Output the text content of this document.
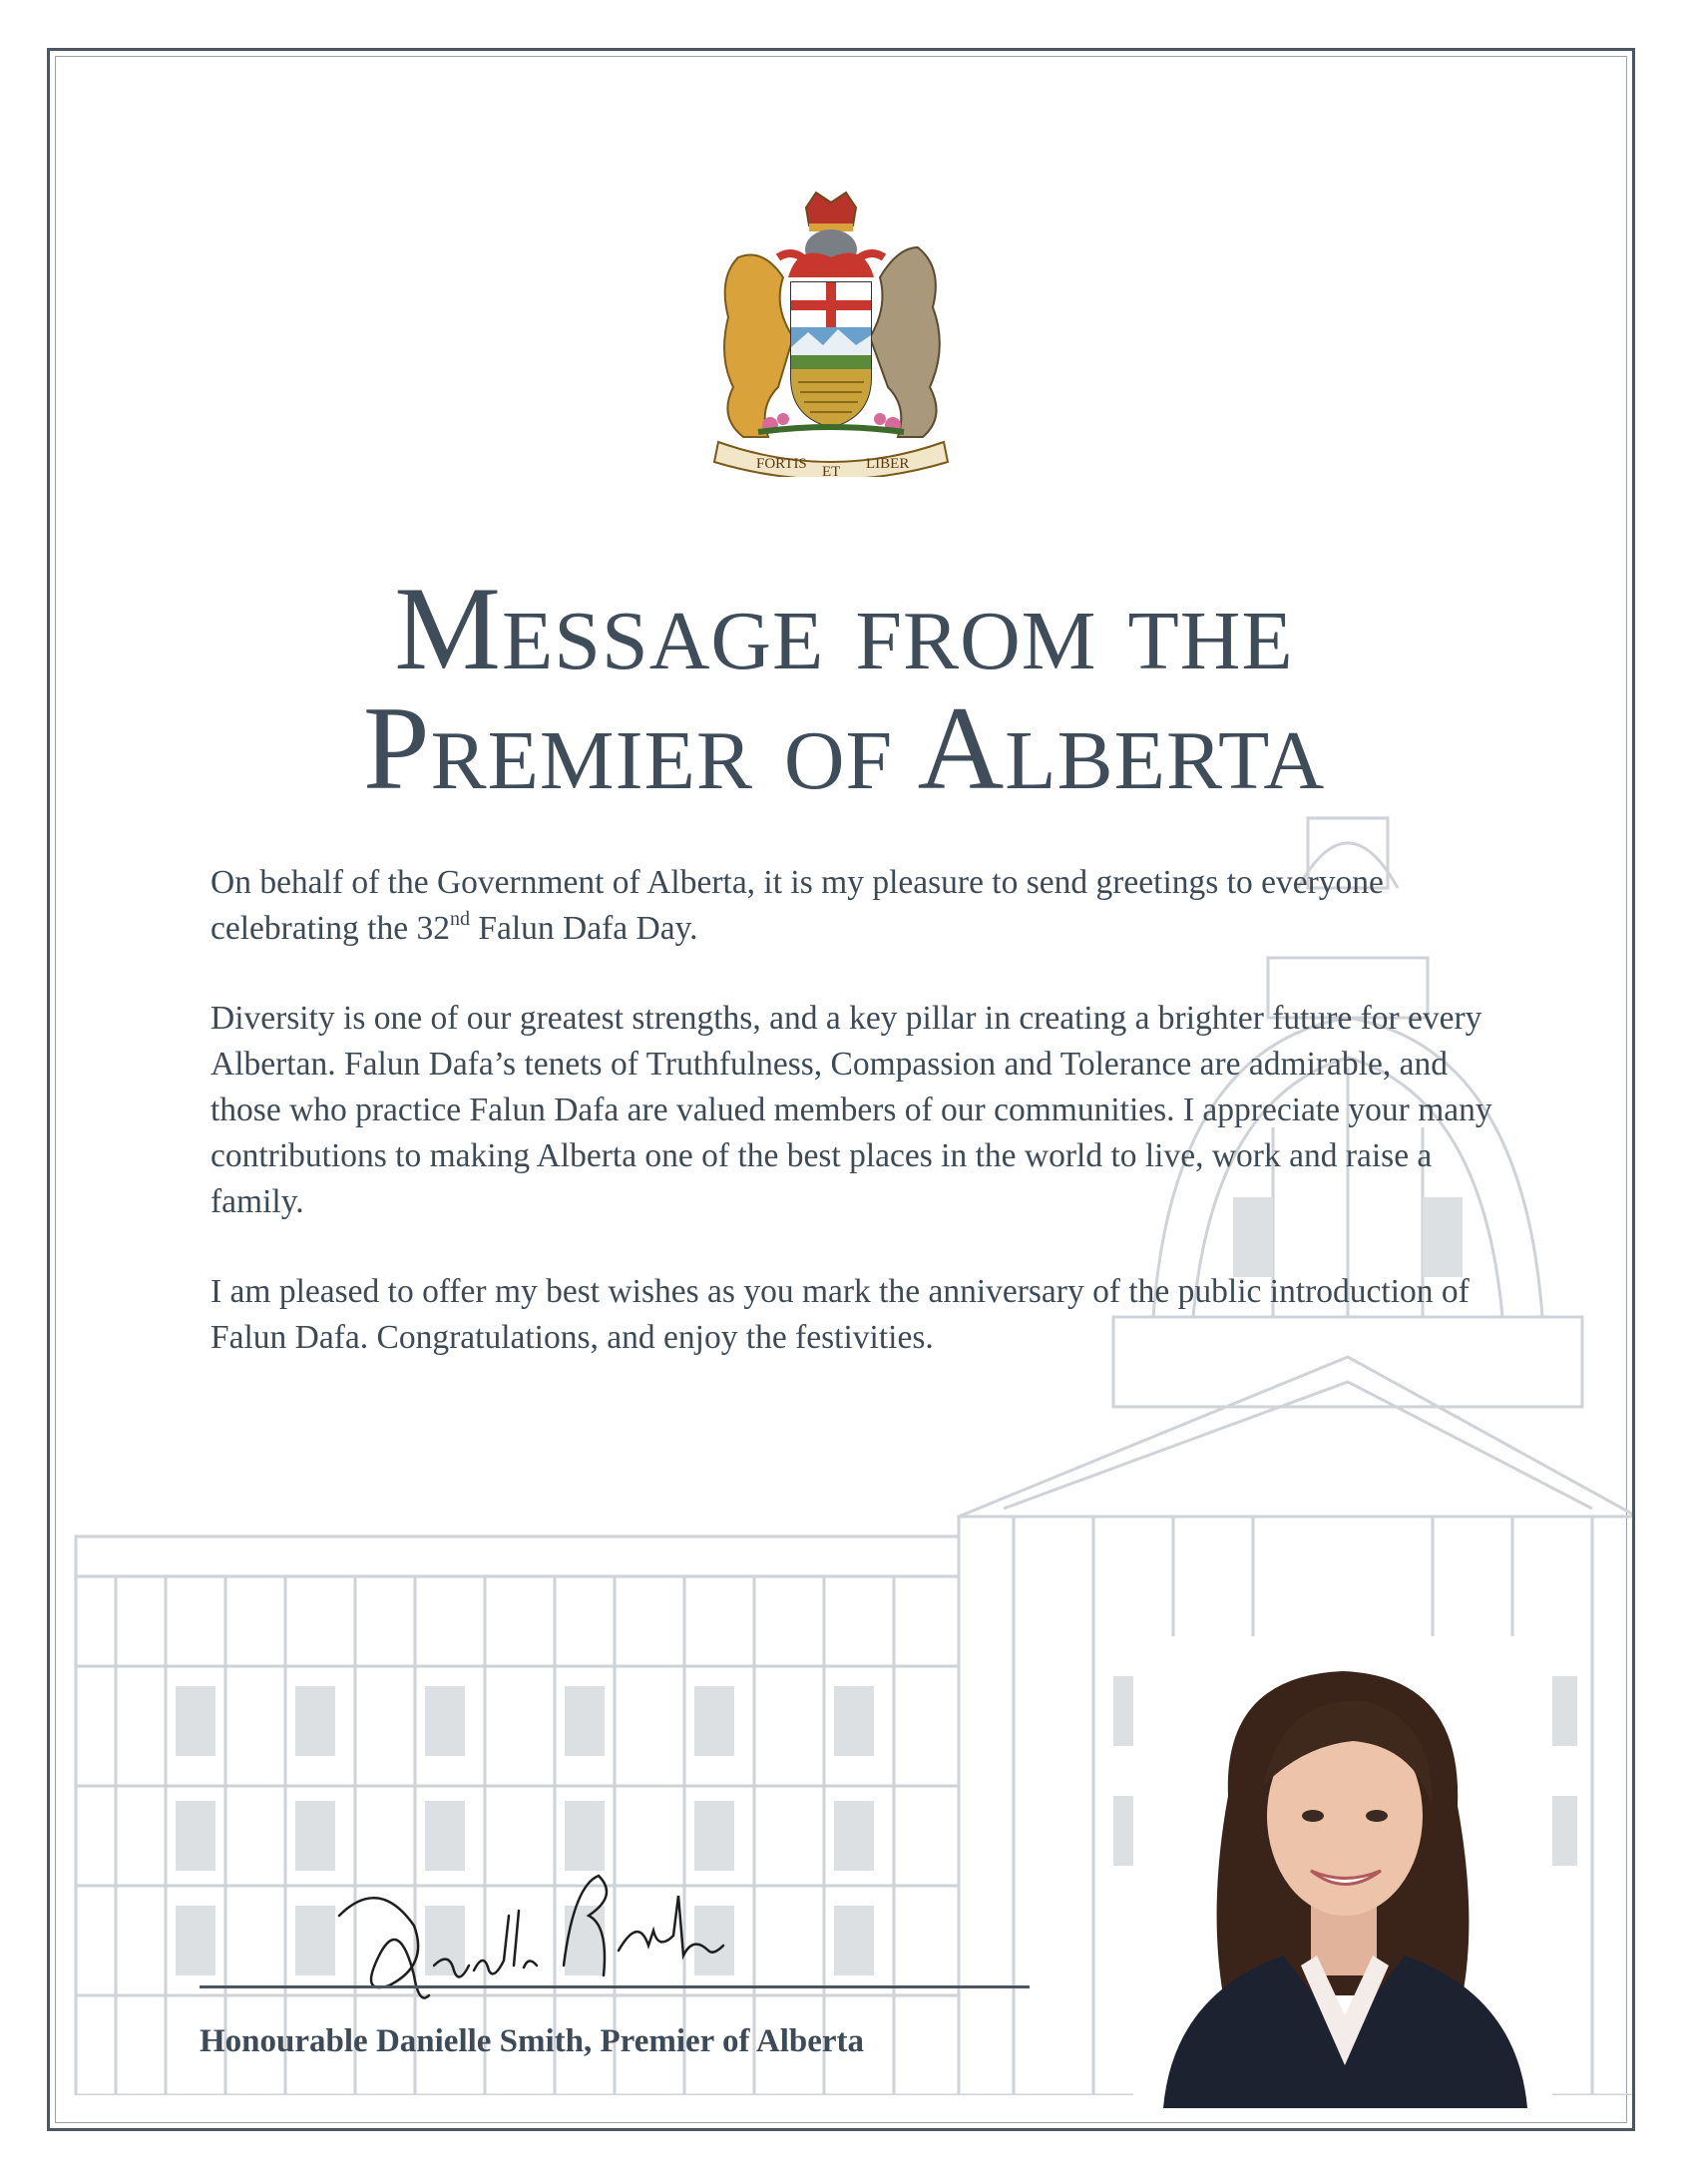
FORTIS ET LIBER
Message from the
Premier of Alberta

On behalf of the Government of Alberta, it is my pleasure to send greetings to everyone celebrating the 32nd Falun Dafa Day.

Diversity is one of our greatest strengths, and a key pillar in creating a brighter future for every Albertan. Falun Dafa’s tenets of Truthfulness, Compassion and Tolerance are admirable, and those who practice Falun Dafa are valued members of our communities. I appreciate your many contributions to making Alberta one of the best places in the world to live, work and raise a family.

I am pleased to offer my best wishes as you mark the anniversary of the public introduction of Falun Dafa. Congratulations, and enjoy the festivities.

Honourable Danielle Smith, Premier of Alberta
